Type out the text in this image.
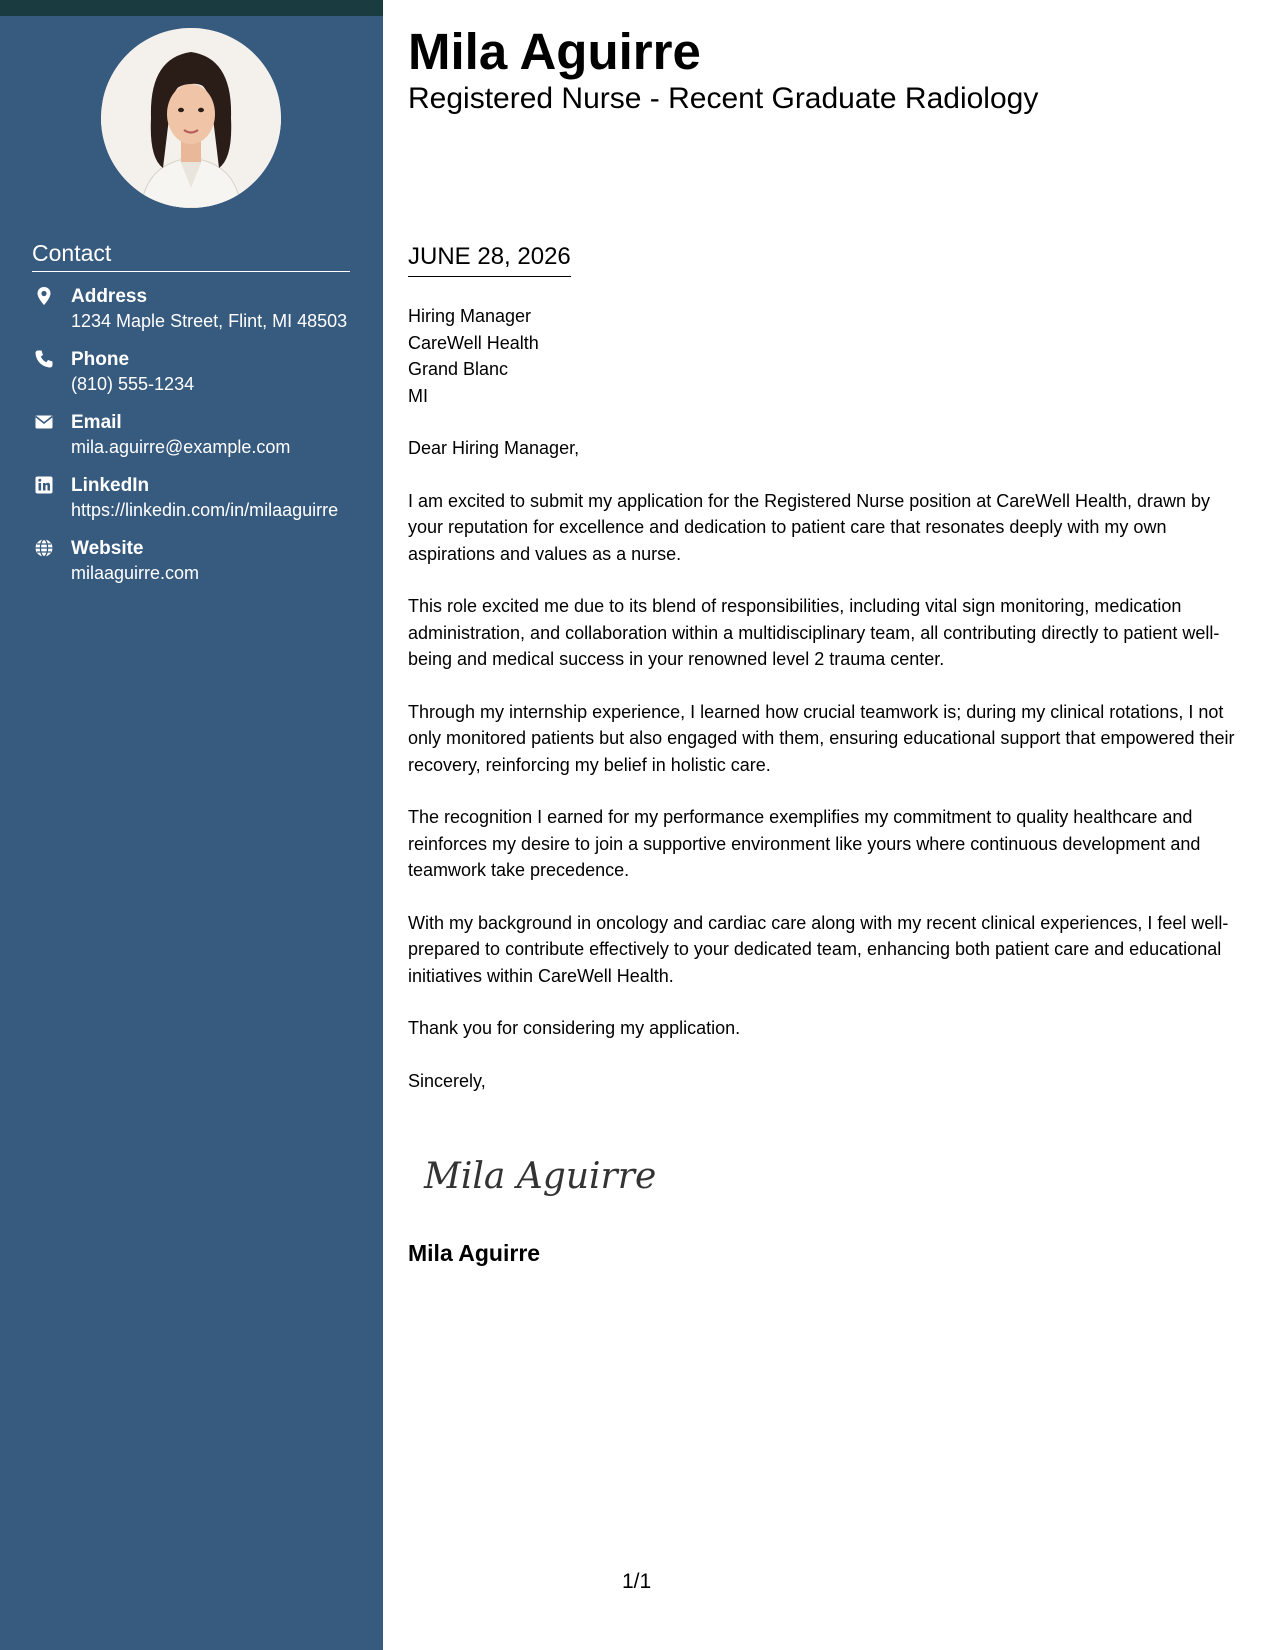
Contact
Address
1234 Maple Street, Flint, MI 48503
Phone
(810) 555-1234
Email
mila.aguirre@example.com
LinkedIn
https://linkedin.com/in/milaaguirre
Website
milaaguirre.com
Mila Aguirre
Registered Nurse - Recent Graduate Radiology
JUNE 28, 2026
Hiring Manager
CareWell Health
Grand Blanc
MI

Dear Hiring Manager,

I am excited to submit my application for the Registered Nurse position at CareWell Health, drawn by your reputation for excellence and dedication to patient care that resonates deeply with my own aspirations and values as a nurse.

This role excited me due to its blend of responsibilities, including vital sign monitoring, medication administration, and collaboration within a multidisciplinary team, all contributing directly to patient well-being and medical success in your renowned level 2 trauma center.

Through my internship experience, I learned how crucial teamwork is; during my clinical rotations, I not only monitored patients but also engaged with them, ensuring educational support that empowered their recovery, reinforcing my belief in holistic care.

The recognition I earned for my performance exemplifies my commitment to quality healthcare and reinforces my desire to join a supportive environment like yours where continuous development and teamwork take precedence.

With my background in oncology and cardiac care along with my recent clinical experiences, I feel well-prepared to contribute effectively to your dedicated team, enhancing both patient care and educational initiatives within CareWell Health.

Thank you for considering my application.

Sincerely,

Mila Aguirre
Mila Aguirre
1/1
